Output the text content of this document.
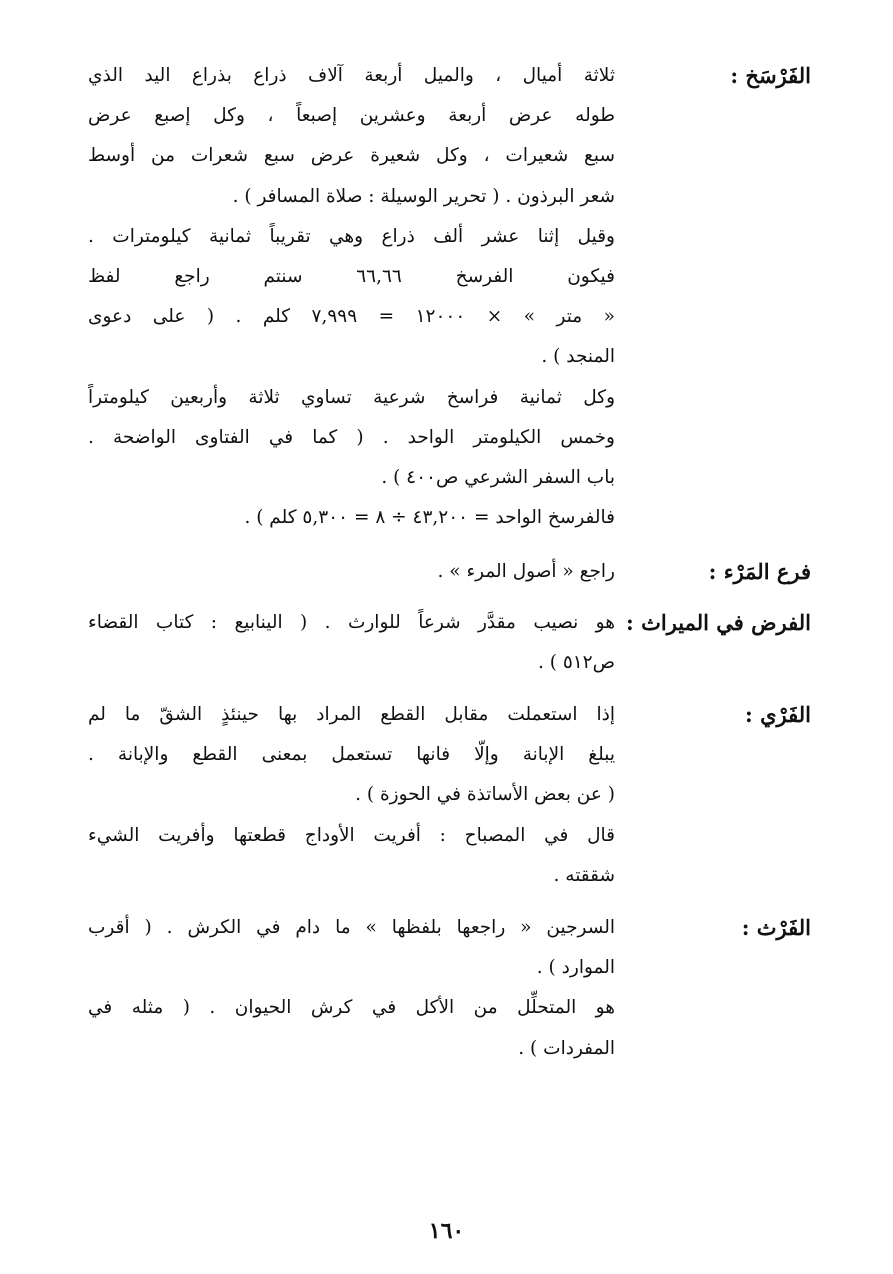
الفَرْسَخ :
ثلاثة أميال ، والميل أربعة آلاف ذراع بذراع اليد الذي
طوله عرض أربعة وعشرين إصبعاً ، وكل إصبع عرض
سبع شعيرات ، وكل شعيرة عرض سبع شعرات من أوسط
شعر البرذون . ( تحرير الوسيلة : صلاة المسافر ) .
وقيل إثنا عشر ألف ذراع وهي تقريباً ثمانية كيلومترات .
فيكون الفرسخ ٦٦,٦٦ سنتم راجع لفظ
« متر » × ١٢٠٠٠ = ٧,٩٩٩ كلم . ( على دعوى
المنجد ) .
وكل ثمانية فراسخ شرعية تساوي ثلاثة وأربعين كيلومتراً
وخمس الكيلومتر الواحد . ( كما في الفتاوى الواضحة .
باب السفر الشرعي ص٤٠٠ ) .
فالفرسخ الواحد = ٤٣,٢٠٠ ÷ ٨ = ٥,٣٠٠ كلم ) .
فرع المَرْء :
راجع « أصول المرء » .
الفرض في الميراث :
هو نصيب مقدَّر شرعاً للوارث . ( الينابيع : كتاب القضاء
ص٥١٢ ) .
الفَرْي :
إذا استعملت مقابل القطع المراد بها حينئذٍ الشقّ ما لم
يبلغ الإبانة وإلّا فانها تستعمل بمعنى القطع والإبانة .
( عن بعض الأساتذة في الحوزة ) .
قال في المصباح : أفريت الأوداج قطعتها وأفريت الشيء
شققته .
الفَرْث :
السرجين « راجعها بلفظها » ما دام في الكرش . ( أقرب
الموارد ) .
هو المتحلِّل من الأكل في كرش الحيوان . ( مثله في
المفردات ) .
١٦٠
